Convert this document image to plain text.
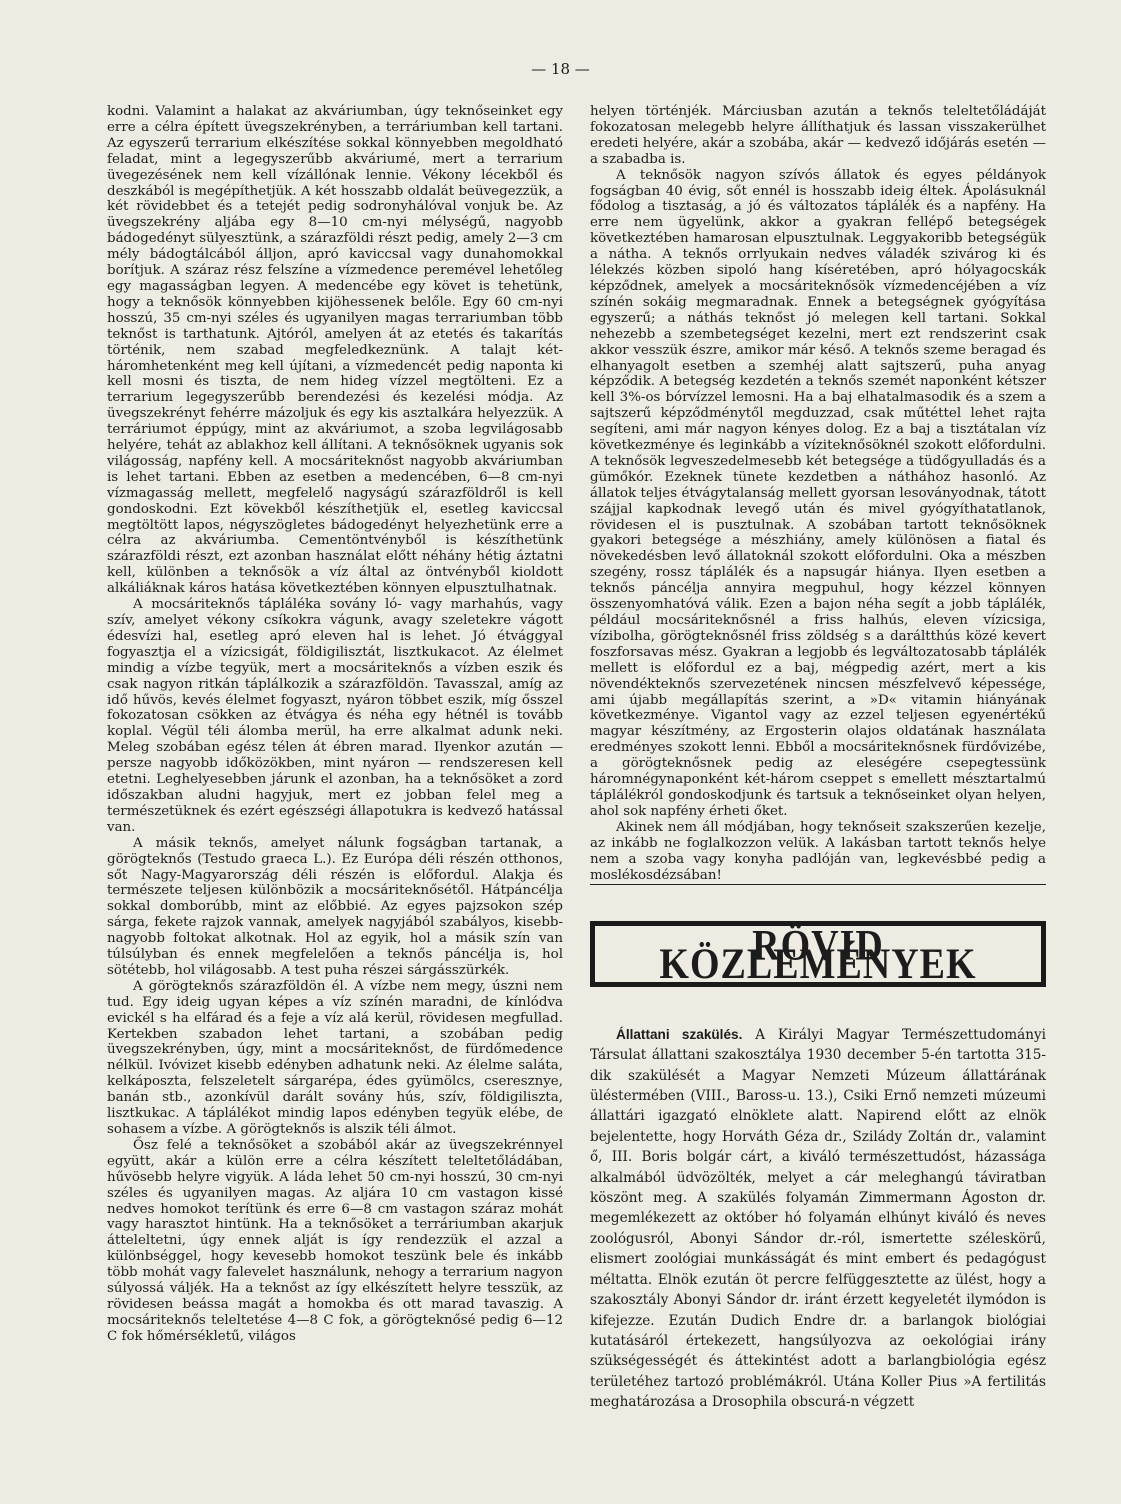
— 18 —

kodni. Valamint a halakat az akváriumban, úgy teknőseinket egy erre a célra épített üvegszekrényben, a terráriumban kell tartani. Az egyszerű terrarium elkészítése sokkal könnyebben megoldható feladat, mint a legegyszerűbb akváriumé, mert a terrarium üvegezésének nem kell vízállónak lennie. Vékony lécekből és deszkából is megépíthetjük. A két hosszabb oldalát beüvegezzük, a két rövidebbet és a tetejét pedig sodronyhálóval vonjuk be. Az üvegszekrény aljába egy 8—10 cm-nyi mélységű, nagyobb bádogedényt sülyesztünk, a szárazföldi részt pedig, amely 2—3 cm mély bádogtálcából álljon, apró kaviccsal vagy dunahomokkal borítjuk. A száraz rész felszíne a vízmedence peremével lehetőleg egy magasságban legyen. A medencébe egy követ is tehetünk, hogy a teknősök könnyebben kijöhessenek belőle. Egy 60 cm-nyi hosszú, 35 cm-nyi széles és ugyanilyen magas terrariumban több teknőst is tarthatunk. Ajtóról, amelyen át az etetés és takarítás történik, nem szabad megfeledkeznünk. A talajt két-háromhetenként meg kell újítani, a vízmedencét pedig naponta ki kell mosni és tiszta, de nem hideg vízzel megtölteni. Ez a terrarium legegyszerűbb berendezési és kezelési módja. Az üvegszekrényt fehérre mázoljuk és egy kis asztalkára helyezzük. A terráriumot éppúgy, mint az akváriumot, a szoba legvilágosabb helyére, tehát az ablakhoz kell állítani. A teknősöknek ugyanis sok világosság, napfény kell. A mocsáriteknőst nagyobb akváriumban is lehet tartani. Ebben az esetben a medencében, 6—8 cm-nyi vízmagasság mellett, megfelelő nagyságú szárazföldről is kell gondoskodni. Ezt kövekből készíthetjük el, esetleg kaviccsal megtöltött lapos, négyszögletes bádogedényt helyezhetünk erre a célra az akváriumba. Cementöntvényből is készíthetünk szárazföldi részt, ezt azonban használat előtt néhány hétig áztatni kell, különben a teknősök a víz által az öntvényből kioldott alkáliáknak káros hatása következtében könnyen elpusztulhatnak.

A mocsáriteknős tápláléka sovány ló- vagy marhahús, vagy szív, amelyet vékony csíkokra vágunk, avagy szeletekre vágott édesvízi hal, esetleg apró eleven hal is lehet. Jó étvággyal fogyasztja el a vízicsigát, földigilisztát, lisztkukacot. Az élelmet mindig a vízbe tegyük, mert a mocsáriteknős a vízben eszik és csak nagyon ritkán táplálkozik a szárazföldön. Tavasszal, amíg az idő hűvös, kevés élelmet fogyaszt, nyáron többet eszik, míg ősszel fokozatosan csökken az étvágya és néha egy hétnél is tovább koplal. Végül téli álomba merül, ha erre alkalmat adunk neki. Meleg szobában egész télen át ébren marad. Ilyenkor azután — persze nagyobb időközökben, mint nyáron — rendszeresen kell etetni. Leghelyesebben járunk el azonban, ha a teknősöket a zord időszakban aludni hagyjuk, mert ez jobban felel meg a természetüknek és ezért egészségi állapotukra is kedvező hatással van.

A másik teknős, amelyet nálunk fogságban tartanak, a görögteknős (Testudo graeca L.). Ez Európa déli részén otthonos, sőt Nagy-Magyarország déli részén is előfordul. Alakja és természete teljesen különbözik a mocsáriteknősétől. Hátpáncélja sokkal domborúbb, mint az előbbié. Az egyes pajzsokon szép sárga, fekete rajzok vannak, amelyek nagyjából szabályos, kisebb-nagyobb foltokat alkotnak. Hol az egyik, hol a másik szín van túlsúlyban és ennek megfelelően a teknős páncélja is, hol sötétebb, hol világosabb. A test puha részei sárgásszürkék.

A görögteknős szárazföldön él. A vízbe nem megy, úszni nem tud. Egy ideig ugyan képes a víz színén maradni, de kínlódva evickél s ha elfárad és a feje a víz alá kerül, rövidesen megfullad. Kertekben szabadon lehet tartani, a szobában pedig üvegszekrényben, úgy, mint a mocsáriteknőst, de fürdőmedence nélkül. Ivóvizet kisebb edényben adhatunk neki. Az élelme saláta, kelkáposzta, felszeletelt sárgarépa, édes gyümölcs, cseresznye, banán stb., azonkívül darált sovány hús, szív, földigiliszta, lisztkukac. A táplálékot mindig lapos edényben tegyük elébe, de sohasem a vízbe. A görögteknős is alszik téli álmot.

Ősz felé a teknősöket a szobából akár az üvegszekrénnyel együtt, akár a külön erre a célra készített teleltetőládában, hűvösebb helyre vigyük. A láda lehet 50 cm-nyi hosszú, 30 cm-nyi széles és ugyanilyen magas. Az aljára 10 cm vastagon kissé nedves homokot terítünk és erre 6—8 cm vastagon száraz mohát vagy harasztot hintünk. Ha a teknősöket a terráriumban akarjuk átteleltetni, úgy ennek alját is így rendezzük el azzal a különbséggel, hogy kevesebb homokot teszünk bele és inkább több mohát vagy falevelet használunk, nehogy a terrarium nagyon súlyossá váljék. Ha a teknőst az így elkészített helyre tesszük, az rövidesen beássa magát a homokba és ott marad tavaszig. A mocsáriteknős teleltetése 4—8 C fok, a görögteknősé pedig 6—12 C fok hőmérsékletű, világos

helyen történjék. Márciusban azután a teknős teleltetőládáját fokozatosan melegebb helyre állíthatjuk és lassan visszakerülhet eredeti helyére, akár a szobába, akár — kedvező időjárás esetén — a szabadba is.

A teknősök nagyon szívós állatok és egyes példányok fogságban 40 évig, sőt ennél is hosszabb ideig éltek. Ápolásuknál fődolog a tisztaság, a jó és változatos táplálék és a napfény. Ha erre nem ügyelünk, akkor a gyakran fellépő betegségek következtében hamarosan elpusztulnak. Leggyakoribb betegségük a nátha. A teknős orrlyukain nedves váladék szivárog ki és lélekzés közben sipoló hang kíséretében, apró hólyagocskák képződnek, amelyek a mocsáriteknősök vízmedencéjében a víz színén sokáig megmaradnak. Ennek a betegségnek gyógyítása egyszerű; a náthás teknőst jó melegen kell tartani. Sokkal nehezebb a szembetegséget kezelni, mert ezt rendszerint csak akkor vesszük észre, amikor már késő. A teknős szeme beragad és elhanyagolt esetben a szemhéj alatt sajtszerű, puha anyag képződik. A betegség kezdetén a teknős szemét naponként kétszer kell 3%-os bórvízzel lemosni. Ha a baj elhatalmasodik és a szem a sajtszerű képződménytől megduzzad, csak műtéttel lehet rajta segíteni, ami már nagyon kényes dolog. Ez a baj a tisztátalan víz következménye és leginkább a víziteknősöknél szokott előfordulni. A teknősök legveszedelmesebb két betegsége a tüdőgyulladás és a gümőkór. Ezeknek tünete kezdetben a náthához hasonló. Az állatok teljes étvágytalanság mellett gyorsan lesoványodnak, tátott szájjal kapkodnak levegő után és mivel gyógyíthatatlanok, rövidesen el is pusztulnak. A szobában tartott teknősöknek gyakori betegsége a mészhiány, amely különösen a fiatal és növekedésben levő állatoknál szokott előfordulni. Oka a mészben szegény, rossz táplálék és a napsugár hiánya. Ilyen esetben a teknős páncélja annyira megpuhul, hogy kézzel könnyen összenyomhatóvá válik. Ezen a bajon néha segít a jobb táplálék, például mocsáriteknősnél a friss halhús, eleven vízicsiga, vízibolha, görögteknősnél friss zöldség s a daráltthús közé kevert foszforsavas mész. Gyakran a legjobb és legváltozatosabb táplálék mellett is előfordul ez a baj, mégpedig azért, mert a kis növendékteknős szervezetének nincsen mészfelvevő képessége, ami újabb megállapítás szerint, a »D« vitamin hiányának következménye. Vigantol vagy az ezzel teljesen egyenértékű magyar készítmény, az Ergosterin olajos oldatának használata eredményes szokott lenni. Ebből a mocsáriteknősnek fürdővizébe, a görögteknősnek pedig az eleségére csepegtessünk háromnégynaponként két-három cseppet s emellett mésztartalmú táplálékról gondoskodjunk és tartsuk a teknőseinket olyan helyen, ahol sok napfény érheti őket.

Akinek nem áll módjában, hogy teknőseit szakszerűen kezelje, az inkább ne foglalkozzon velük. A lakásban tartott teknős helye nem a szoba vagy konyha padlóján van, legkevésbbé pedig a moslékosdézsában!

RÖVID KÖZLEMÉNYEK

Állattani szakülés. A Királyi Magyar Természettudományi Társulat állattani szakosztálya 1930 december 5-én tartotta 315-dik szakülését a Magyar Nemzeti Múzeum állattárának üléstermében (VIII., Baross-u. 13.), Csiki Ernő nemzeti múzeumi állattári igazgató elnöklete alatt. Napirend előtt az elnök bejelentette, hogy Horváth Géza dr., Szilády Zoltán dr., valamint ő, III. Boris bolgár cárt, a kiváló természettudóst, házassága alkalmából üdvözölték, melyet a cár meleghangú táviratban köszönt meg. A szakülés folyamán Zimmermann Ágoston dr. megemlékezett az október hó folyamán elhúnyt kiváló és neves zoológusról, Abonyi Sándor dr.-ról, ismertette széleskörű, elismert zoológiai munkásságát és mint embert és pedagógust méltatta. Elnök ezután öt percre felfüggesztette az ülést, hogy a szakosztály Abonyi Sándor dr. iránt érzett kegyeletét ilymódon is kifejezze. Ezután Dudich Endre dr. a barlangok biológiai kutatásáról értekezett, hangsúlyozva az oekológiai irány szükségességét és áttekintést adott a barlangbiológia egész területéhez tartozó problémákról. Utána Koller Pius »A fertilitás meghatározása a Drosophila obscurá-n végzett
